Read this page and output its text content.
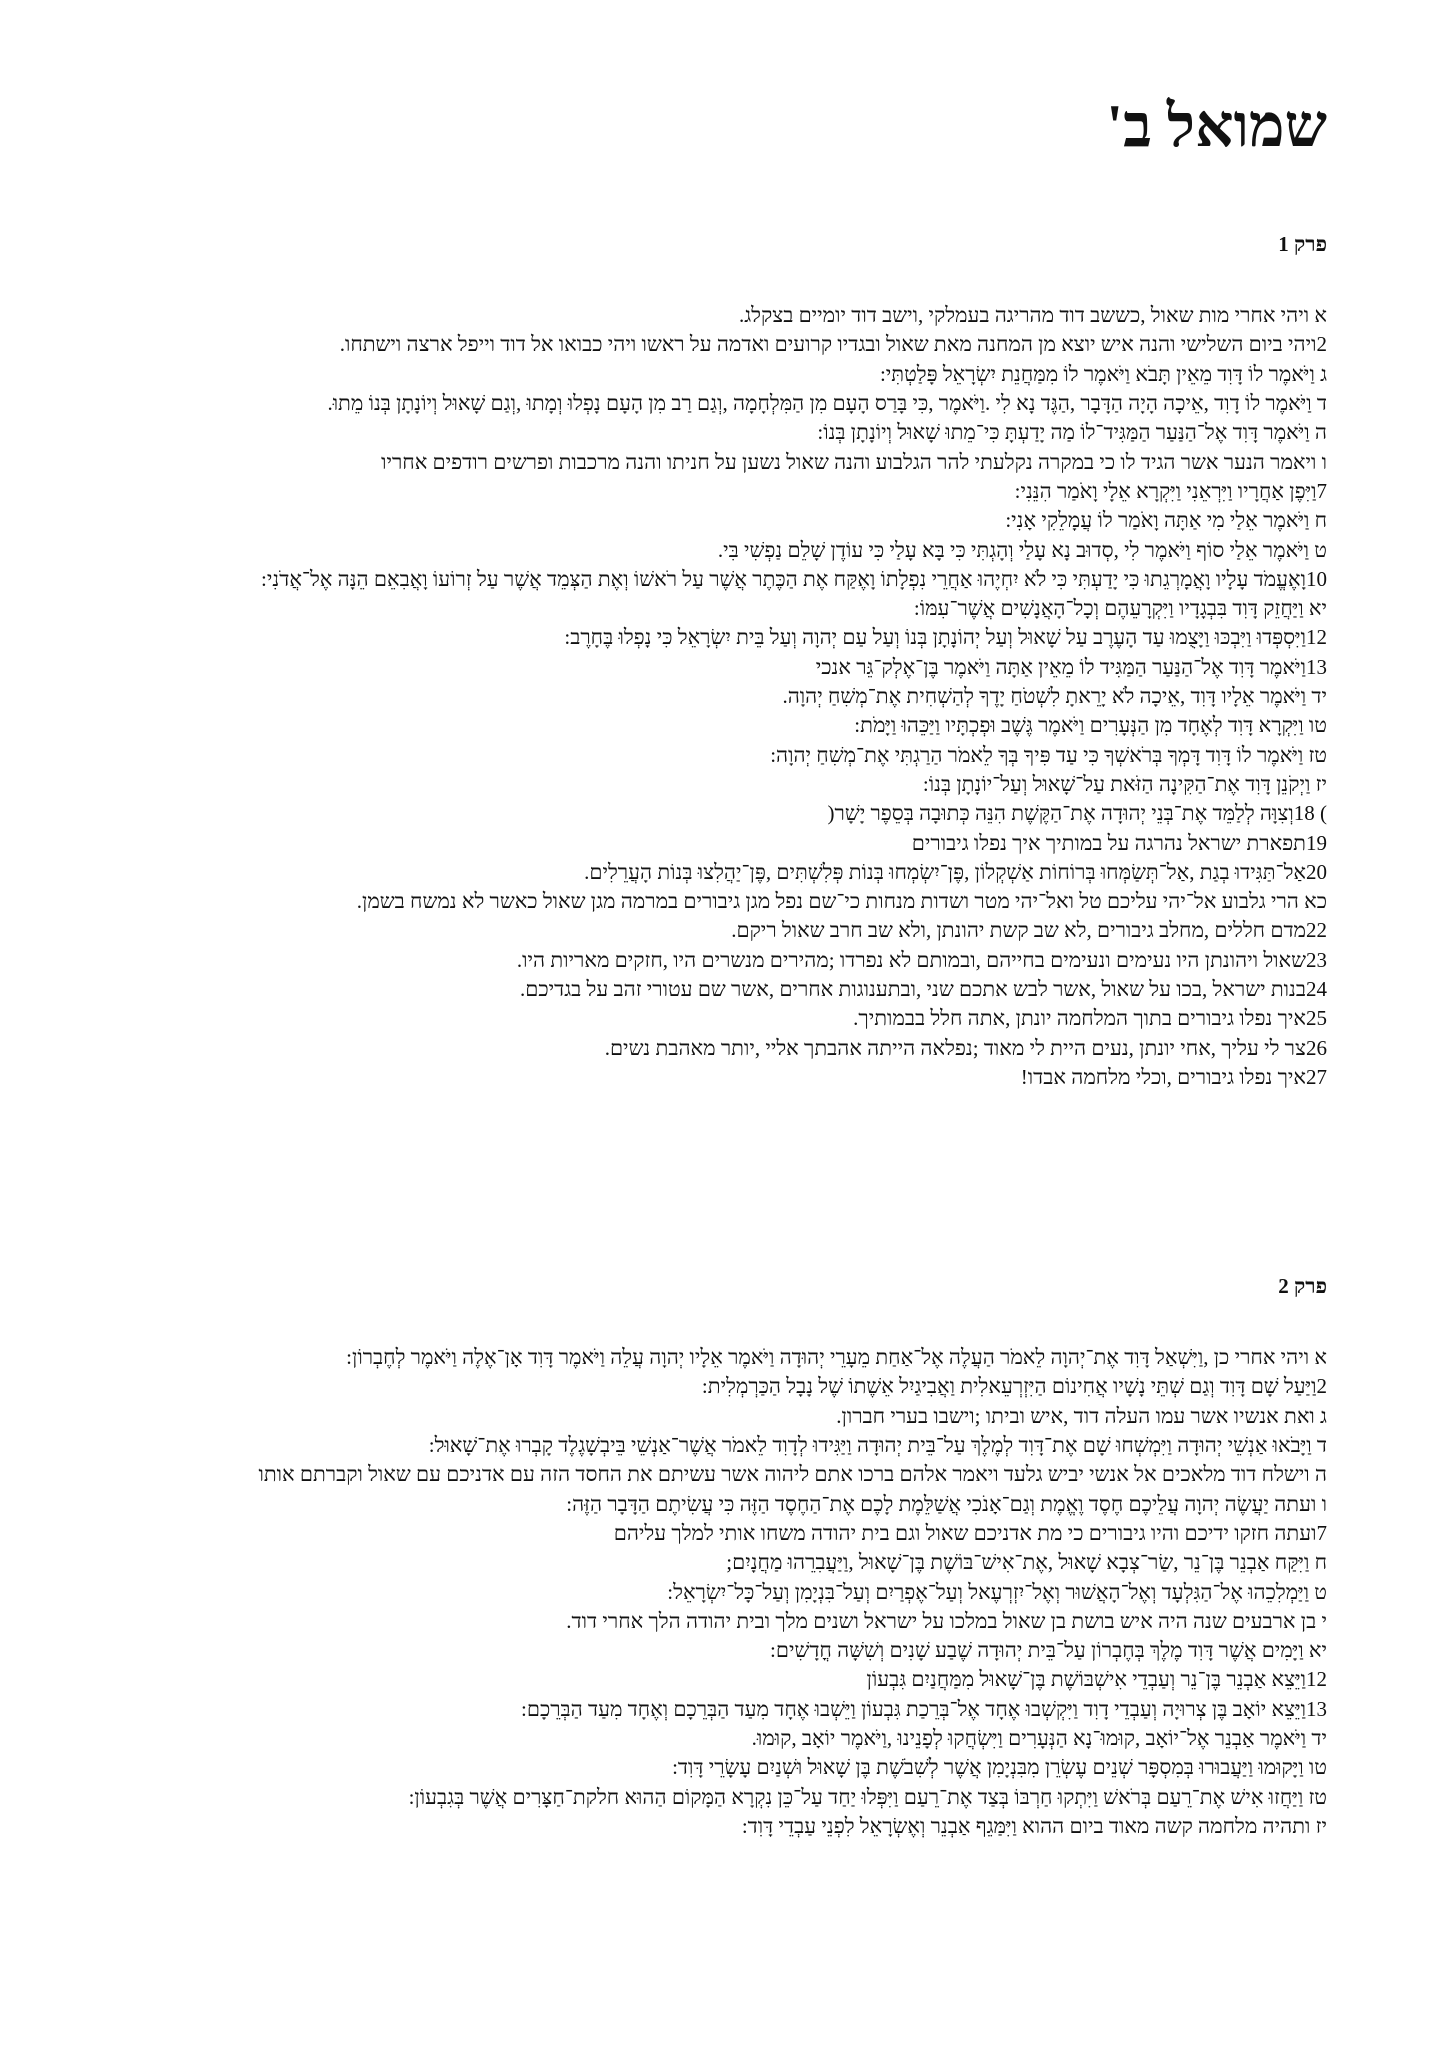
שמואל ב'
פרק 1
א ויהי אחרי מות שאול ,כששב דוד מהריגה בעמלקי ,וישב דוד יומיים בצקלג.
2ויהי ביום השלישי והנה איש יוצא מן המחנה מאת שאול ובגדיו קרועים ואדמה על ראשו ויהי כבואו אל דוד וייפל ארצה וישתחו.
ג וַיֹּאמֶר לוֹ דָּוִד מֵאֵין תָּבֹא וַיֹּאמֶר לוֹ מִמַּחֲנֵת יִשְׂרָאֵל פָּלַטְתִּי:
ד וַיֹּאמֶר לוֹ דָוִד ,אֵיכָה הָיָה הַדָּבָר ,הַגֶּד נָא לִי .וַיֹּאמֶר ,כִּי בָּרַס הָעָם מִן הַמִּלְחָמָה ,וְגַם רַב מִן הָעָם נָפְלוּ וְמָתוּ ,וְגַם שָׁאוּל וְיוֹנָתָן בְּנוֹ מֵתוּ.
ה וַיֹּאמֶר דָּוִד אֶל־הַנַּעַר הַמַּגִּיד־לוֹ מַה יָדַעְתָּ כִּי־מֵתוּ שָׁאוּל וְיוֹנָתָן בְּנוֹ:
ו ויאמר הנער אשר הגיד לו כי במקרה נקלעתי להר הגלבוע והנה שאול נשען על חניתו והנה מרכבות ופרשים רודפים אחריו
7וַיִּפֶן אַחֲרָיו וַיִּרְאֵנִי וַיִּקְרָא אֵלָי וָאֹמַר הִנֵּנִי:
ח וַיֹּאמֶר אֵלַי מִי אַתָּה וָאֹמַר לוֹ עֲמָלֵקִי אָנִי:
ט וַיֹּאמֶר אֵלַי סוֹף וַיֹּאמֶר לִי ,סְדוּב נָא עָלַי וְהָגְתִּי כִּי בָּא עָלַי כִּי עוֹדֶן שָׁלֵם נַפְשִׁי בִּי.
10וָאֶעֱמֹד עָלָיו וָאֲמָרְגֵתוּ כִּי יָדַעְתִּי כִּי לֹא יִחְיֶהוּ אַחֲרֵי נִפְלָתוֹ וָאֶקַּח אֶת הַכֶּתֶר אֲשֶׁר עַל רֹאשׁוֹ וְאֶת הַצְּמֵד אֲשֶׁר עַל זְרוֹעוֹ וָאֲבִאֵם הֵנָּה אֶל־אֲדֹנִי:
יא וַיַּחֲזֵק דָּוִד בִּבְגָדָיו וַיִּקְרָעֵהֶם וְכָל־הָאֲנָשִׁים אֲשֶׁר־עִמּוֹ:
12וַיִּסְפְּדוּ וַיִּבְכּוּ וַיָּצֻמוּ עַד הָעֶרֶב עַל שָׁאוּל וְעַל יְהוֹנָתָן בְּנוֹ וְעַל עַם יְהוָה וְעַל בֵּית יִשְׂרָאֵל כִּי נָפְלוּ בֶּחָרֶב:
13וַיֹּאמֶר דָּוִד אֶל־הַנַּעַר הַמַּגִּיד לוֹ מֵאֵין אַתָּה וַיֹּאמֶר בֶּן־אֶלְק־גֵּר אנכי
יד וַיֹּאמֶר אֵלָיו דָּוִד ,אֵיכָה לֹא יָרֵאתָ לִשְׁטֹחַ יָדֶךָ לְהַשְׁחִית אֶת־מְשִׁחַ יְהוָה.
טו וַיִּקְרָא דָּוִד לְאֶחָד מִן הַנְּעָרִים וַיֹּאמֶר גֶּשֶׁב וּפְכְתָּיו וַיַּכֵּהוּ וַיָּמֹת:
טז וַיֹּאמֶר לוֹ דָּוִד דָּמְךָ בְּרֹאשְׁךָ כִּי עַד פִּיךָ בְּךָ לֵאמֹר הַרַגְתִּי אֶת־מְשִׁחַ יְהוָה:
יז וַיְקֹנֵן דָּוִד אֶת־הַקִּינָה הַזֹּאת עַל־שָׁאוּל וְעַל־יוֹנָתָן בְּנוֹ:
) 18וְצִוָּה לְלַמֵּד אֶת־בְּנֵי יְהוּדָה אֶת־הַקֶּשֶׁת הִנֵּה כְּתוּבָה בְּסֵפֶר יָשָׁר(
19תפארת ישראל נהרגה על במותיך איך נפלו גיבורים
20אַל־תַּגִּידוּ בְגַת ,אַל־תְּשַׂמְּחוּ בְּרוֹחוֹת אַשְׁקְלוֹן ,פֶּן־יִשְׂמְחוּ בְּנוֹת פְּלִשְׁתִּים ,פֶּן־יַהֲלִצוּ בְּנוֹת הָעֲרֵלִים.
כא הרי גלבוע אל־יהי עליכם טל ואל־יהי מטר ושדות מנחות כי־שם נפל מגן גיבורים במרמה מגן שאול כאשר לא נמשח בשמן.
22מדם חללים ,מחלב גיבורים ,לא שב קשת יהונתן ,ולא שב חרב שאול ריקם.
23שאול ויהונתן היו נעימים ונעימים בחייהם ,ובמותם לא נפרדו ;מהירים מנשרים היו ,חזקים מאריות היו.
24בנות ישראל ,בכו על שאול ,אשר לבש אתכם שני ,ובתענוגות אחרים ,אשר שם עטורי זהב על בגדיכם.
25איך נפלו גיבורים בתוך המלחמה יונתן ,אתה חלל בבמותיך.
26צר לי עליך ,אחי יונתן ,נעים היית לי מאוד ;נפלאה הייתה אהבתך אליי ,יותר מאהבת נשים.
27איך נפלו גיבורים ,וכלי מלחמה אבדו!
פרק 2
א ויהי אחרי כן ,וַיִּשְׁאַל דָּוִד אֶת־יְהוָה לֵאמֹר הַעֲלֶה אֶל־אַחַת מֵעָרֵי יְהוּדָה וַיֹּאמֶר אֵלָיו יְהוָה עֲלֵה וַיֹּאמֶר דָּוִד אָן־אֶלֶה וַיֹּאמֶר לְחֶבְרוֹן:
2וַיַּעַל שָׁם דָּוִד וְגַם שְׁתֵּי נָשָׁיו אֲחִינוֹם הַיִּזְרְעֵאלִית וַאֲבִיגַיִל אֵשֶׁתוֹ שֶׁל נָבָל הַכַּרְמְלִית:
ג ואת אנשיו אשר עמו העלה דוד ,איש וביתו ;וישבו בערי חברון.
ד וַיָּבֹאוּ אַנְשֵׁי יְהוּדָה וַיִּמְשְׁחוּ שָׁם אֶת־דָּוִד לְמֶלֶךְ עַל־בֵּית יְהוּדָה וַיַּגִּידוּ לְדָוִד לֵאמֹר אֲשֶׁר־אַנְשֵׁי בֵּיבְשָׁגֶלֶד קָבְרוּ אֶת־שָׁאוּל:
ה וישלח דוד מלאכים אל אנשי יביש גלעד ויאמר אלהם ברכו אתם ליהוה אשר עשיתם את החסד הזה עם אדניכם עם שאול וקברתם אותו
ו ועתה יַעֲשֶׂה יְהוָה עֲלֵיכֶם חֶסֶד וֶאֱמֶת וְגַם־אָנֹכִי אֲשַׁלֵּמֶת לָכֶם אֶת־הַחֶסֶד הַזֶּה כִּי עֲשִׂיתֶם הַדָּבָר הַזֶּה:
7ועתה חזקו ידיכם והיו גיבורים כי מת אדניכם שאול וגם בית יהודה משחו אותי למלך עליהם
ח וַיִּקַּח אַבְנֵר בֶּן־נֵר ,שַׂר־צְבָא שָׁאוּל ,אֶת־אִישׁ־בּוֹשֶׁת בֶּן־שָׁאוּל ,וַיַּעֲבִרֵהוּ מַחֲנָיִם;
ט וַיַּמְלִכֵהוּ אֶל־הַגִּלְעָד וְאֶל־הָאֲשׁוּר וְאֶל־יִזְרְעֶאל וְעַל־אֶפְרַיִם וְעַל־בִּנְיָמִן וְעַל־כָּל־יִשְׂרָאֵל:
י בן ארבעים שנה היה איש בושת בן שאול במלכו על ישראל ושנים מלך ובית יהודה הלך אחרי דוד.
יא וַיָּמִים אֲשֶׁר דָּוִד מֶלֶךְ בְּחֶבְרוֹן עַל־בֵּית יְהוּדָה שֶׁבַע שָׁנִים וְשִׁשָּׁה חֳדָשִׁים:
12וַיֵּצֵא אַבְנֵר בֶּן־נֵר וְעַבְדֵי אִישְׁבּוֹשֶׁת בֶּן־שָׁאוּל מִמַּחֲנַיִם גִּבְעוֹן
13וַיֵּצֵא יוֹאָב בֶּן צְרוּיָה וְעַבְדֵי דָוִד וַיִּקְשְׁבוּ אֶחָד אֶל־בְּרֵכַת גִּבְעוֹן וַיֵּשְׁבוּ אֶחָד מִעַד הַבְּרֵכָם וְאֶחָד מִעַד הַבְּרֵכָם:
יד וַיֹּאמֶר אַבְנֵר אֶל־יוֹאָב ,קוּמוּ־נָא הַנְּעָרִים וַיִּשְׂחֲקוּ לְפָנֵינוּ ,וַיֹּאמֶר יוֹאָב ,קוּמוּ.
טו וַיָּקוּמוּ וַיַּעֲבוּרוּ בְּמִסְפָּר שְׁנֵים עֶשְׂרֵן מִבִּנְיָמִן אֲשֶׁר לְשִׁבֹשֶׁת בֶּן שָׁאוּל וּשְׁנַיִם עָשָׂרֵי דָּוִד:
טז וַיַּחֲזוּ אִישׁ אֶת־רֵעַם בְּרֹאשׁ וַיִּתְקוּ חַרְבּוֹ בְּצַד אֶת־רֵעַם וַיִּפְּלוּ יַחַד עַל־כֵּן נִקְרָא הַמָּקוֹם הַהוּא חלקת־חַצָּרִים אֲשֶׁר בְּגִבְעוֹן:
יז ותהיה מלחמה קשה מאוד ביום ההוא וַיִּמַּגֵף אַבְנֵר וְאֶשְׂרָאֵל לִפְנֵי עַבְדֵי דָּוִד:
